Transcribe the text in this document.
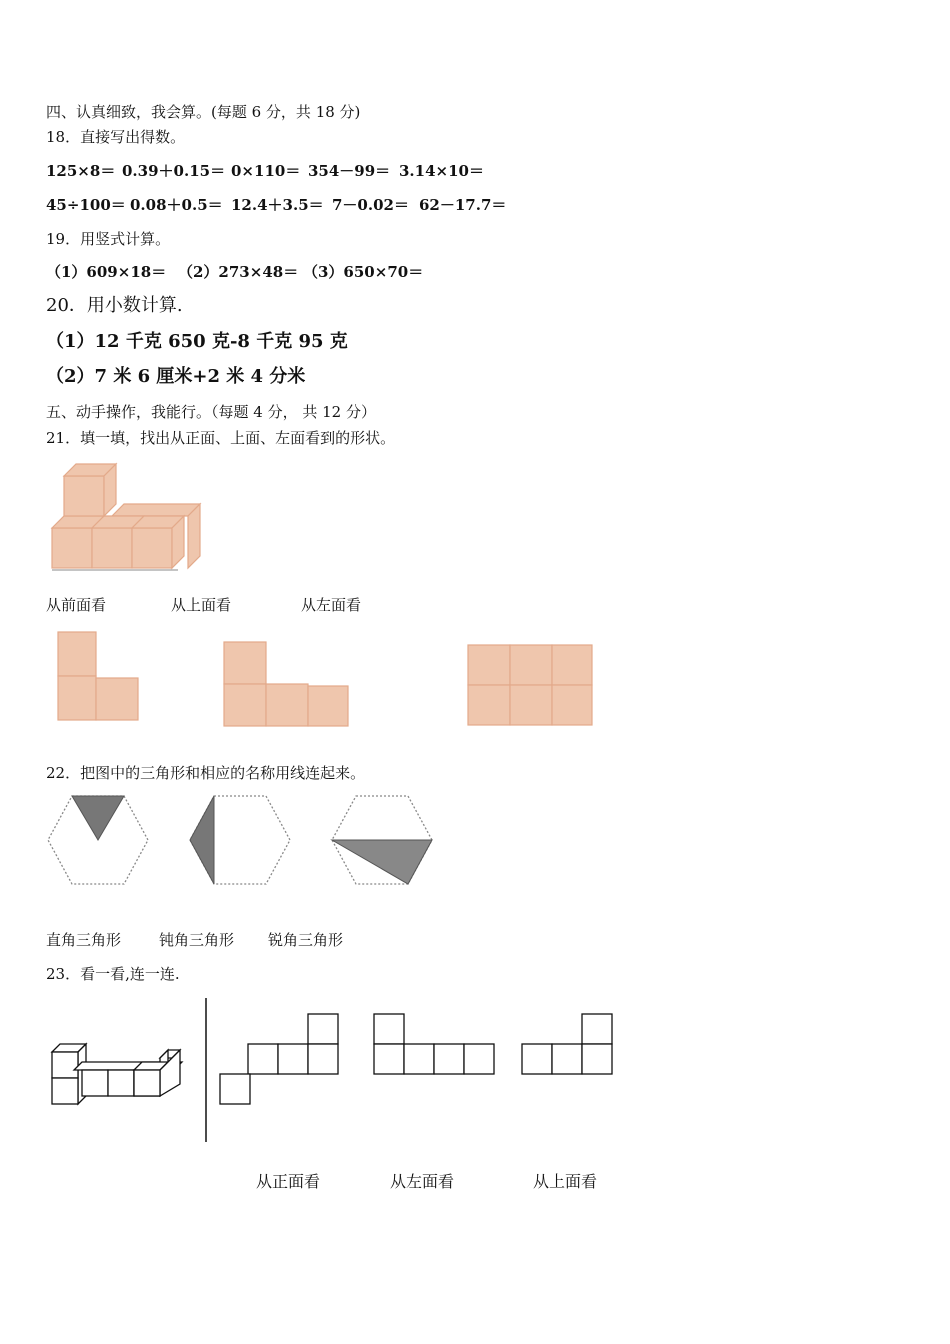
四、认真细致，我会算。(每题 6 分，共 18 分)
18．直接写出得数。
125×8＝ 0.39＋0.15＝ 0×110＝ 354－99＝ 3.14×10＝
45÷100＝ 0.08＋0.5＝ 12.4＋3.5＝ 7－0.02＝ 62－17.7＝
19．用竖式计算。
（1）609×18＝ （2）273×48＝ （3）650×70＝
20．用小数计算.
（1）12 千克 650 克-8 千克 95 克
（2）7 米 6 厘米+2 米 4 分米
五、动手操作，我能行。（每题 4 分， 共 12 分）
21．填一填，找出从正面、上面、左面看到的形状。
从前面看	从上面看	从左面看
22．把图中的三角形和相应的名称用线连起来。
直角三角形	钝角三角形 锐角三角形
23．看一看,连一连.
从正面看	从左面看	从上面看
